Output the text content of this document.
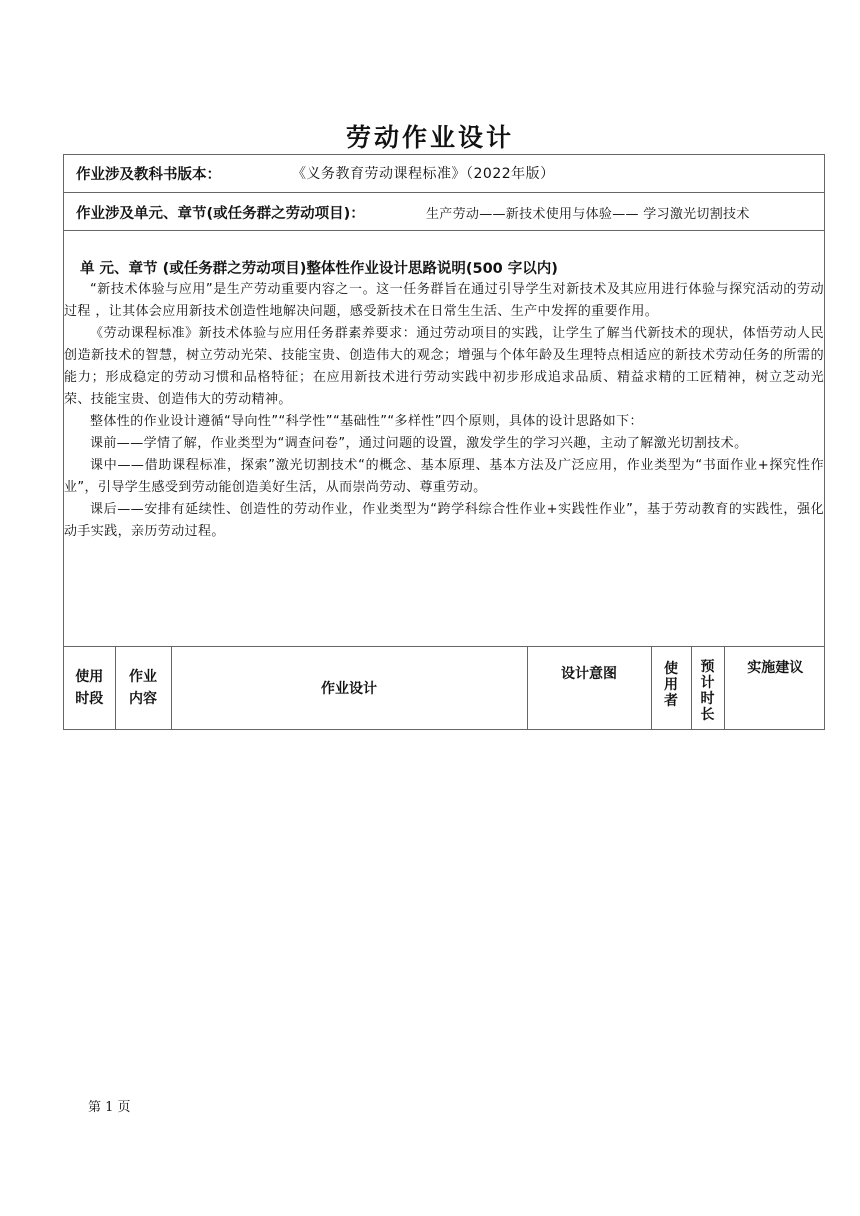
劳动作业设计
作业涉及教科书版本：	《义务教育劳动课程标准》（2022年版）
作业涉及单元、章节(或任务群之劳动项目)：	生产劳动——新技术使用与体验—— 学习激光切割技术
单 元、章节 (或任务群之劳动项目)整体性作业设计思路说明(500 字以内)

“新技术体验与应用”是生产劳动重要内容之一。这一任务群旨在通过引导学生对新技术及其应用进行体验与探究活动的劳动过程 ，让其体会应用新技术创造性地解决问题，感受新技术在日常生生活、生产中发挥的重要作用。

《劳动课程标准》新技术体验与应用任务群素养要求：通过劳动项目的实践，让学生了解当代新技术的现状，体悟劳动人民创造新技术的智慧，树立劳动光荣、技能宝贵、创造伟大的观念；增强与个体年龄及生理特点相适应的新技术劳动任务的所需的能力；形成稳定的劳动习惯和品格特征；在应用新技术进行劳动实践中初步形成追求品质、精益求精的工匠精神，树立芝动光荣、技能宝贵、创造伟大的劳动精神。

整体性的作业设计遵循“导向性”“科学性”“基础性”“多样性”四个原则，具体的设计思路如下：

课前——学情了解，作业类型为“调查问卷”，通过问题的设置，激发学生的学习兴趣，主动了解激光切割技术。

课中——借助课程标准，探索”激光切割技术“的概念、基本原理、基本方法及广泛应用，作业类型为“书面作业+探究性作业”，引导学生感受到劳动能创造美好生活，从而崇尚劳动、尊重劳动。

课后——安排有延续性、创造性的劳动作业，作业类型为“跨学科综合性作业+实践性作业”，基于劳动教育的实践性，强化动手实践，亲历劳动过程。

使用
时段	作业
内容	作业设计	设计意图	使
用
者	预
计
时
长	实施建议
第 1 页
